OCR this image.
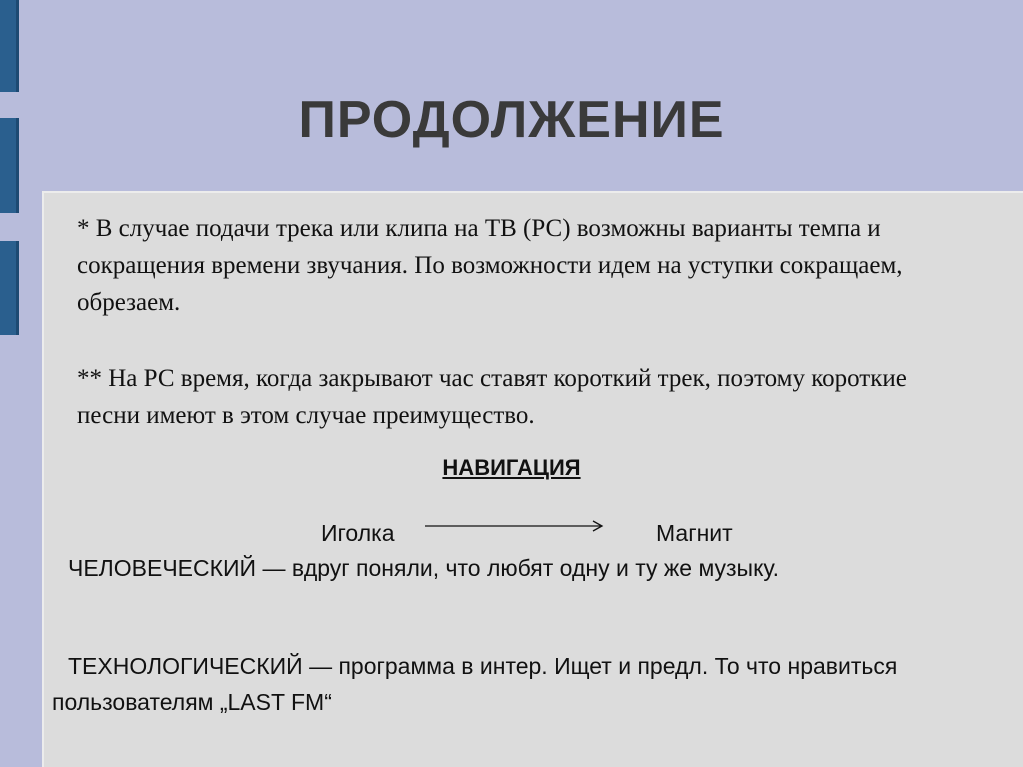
ПРОДОЛЖЕНИЕ
* В случае подачи трека или клипа на ТВ (РС) возможны варианты темпа и сокращения времени звучания. По возможности идем на уступки сокращаем, обрезаем.
** На РС время, когда закрывают час ставят короткий трек, поэтому короткие песни имеют в этом случае преимущество.
НАВИГАЦИЯ
Иголка	Магнит
ЧЕЛОВЕЧЕСКИЙ — вдруг поняли, что любят одну и ту же музыку.
ТЕХНОЛОГИЧЕСКИЙ — программа в интер. Ищет и предл. То что нравиться пользователям „LAST FM“
